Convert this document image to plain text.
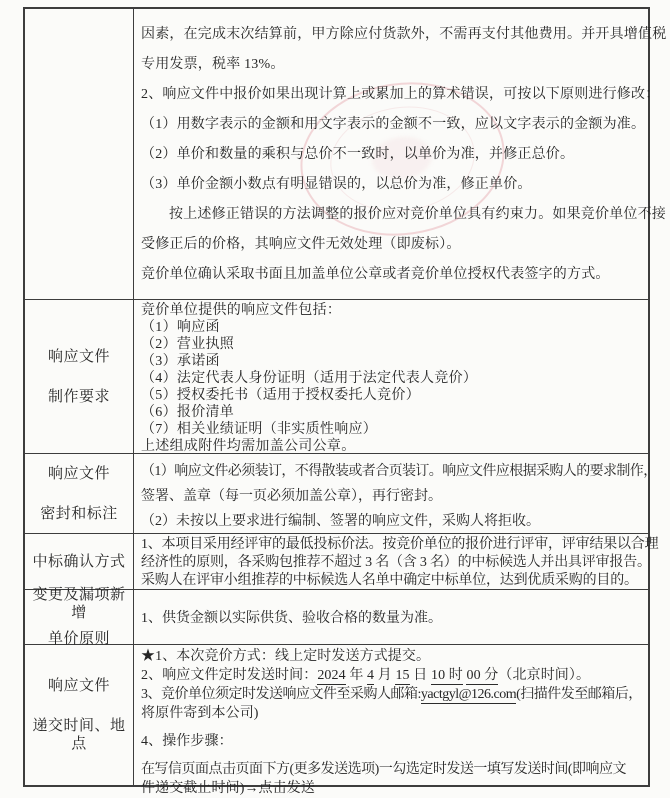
因素，在完成末次结算前，甲方除应付货款外，不需再支付其他费用。并开具增值税
专用发票，税率 13%。
2、响应文件中报价如果出现计算上或累加上的算术错误，可按以下原则进行修改：
（1）用数字表示的金额和用文字表示的金额不一致，应以文字表示的金额为准。
（2）单价和数量的乘积与总价不一致时，以单价为准，并修正总价。
（3）单价金额小数点有明显错误的，以总价为准，修正单价。
按上述修正错误的方法调整的报价应对竞价单位具有约束力。如果竞价单位不接
受修正后的价格，其响应文件无效处理（即废标）。
竞价单位确认采取书面且加盖单位公章或者竞价单位授权代表签字的方式。
响应文件
制作要求
竞价单位提供的响应文件包括：
（1）响应函
（2）营业执照
（3）承诺函
（4）法定代表人身份证明（适用于法定代表人竞价）
（5）授权委托书（适用于授权委托人竞价）
（6）报价清单
（7）相关业绩证明（非实质性响应）
上述组成附件均需加盖公司公章。
响应文件
密封和标注
（1）响应文件必须装订，不得散装或者合页装订。响应文件应根据采购人的要求制作，
签署、盖章（每一页必须加盖公章），再行密封。
（2）未按以上要求进行编制、签署的响应文件，采购人将拒收。
中标确认方式
1、本项目采用经评审的最低投标价法。按竞价单位的报价进行评审，评审结果以合理
经济性的原则，各采购包推荐不超过 3 名（含 3 名）的中标候选人并出具评审报告。
采购人在评审小组推荐的中标候选人名单中确定中标单位，达到优质采购的目的。
变更及漏项新增
单价原则
1、供货金额以实际供货、验收合格的数量为准。
响应文件
递交时间、地点
★1、本次竞价方式：线上定时发送方式提交。
2、响应文件定时发送时间：2024 年 4 月 15 日 10 时 00 分（北京时间）。
3、竞价单位须定时发送响应文件至采购人邮箱:yactgyl@126.com(扫描件发至邮箱后，
将原件寄到本公司)
4、操作步骤：
在写信页面点击页面下方(更多发送选项)一勾选定时发送一填写发送时间(即响应文
件递交截止时间)→点击发送
